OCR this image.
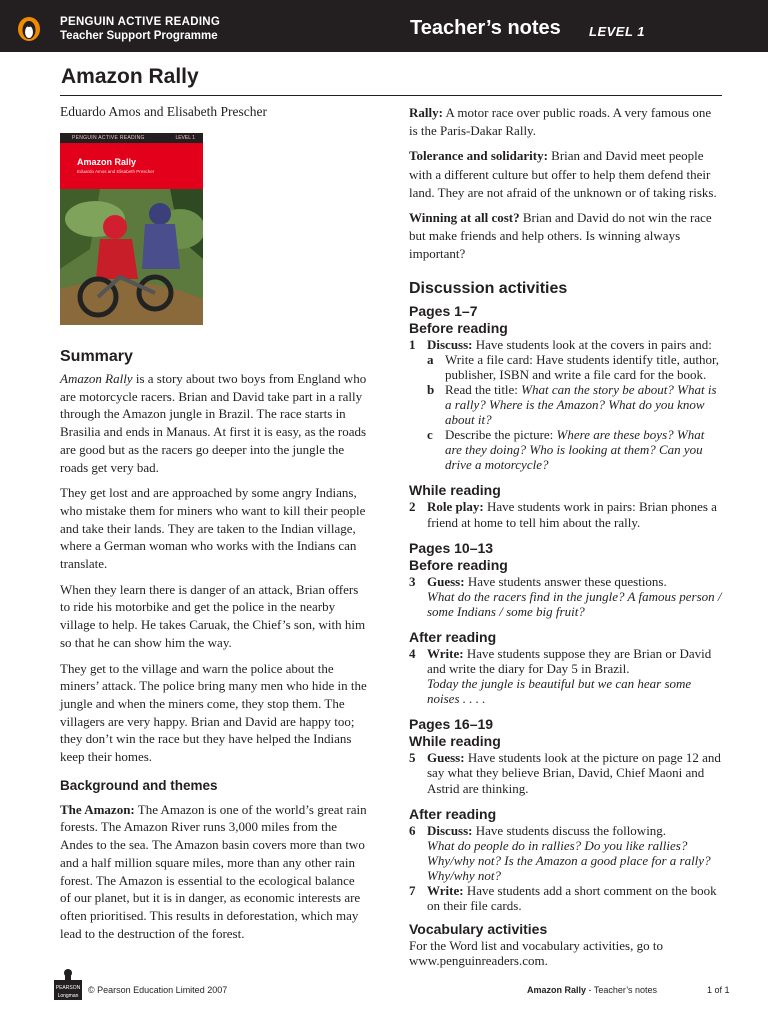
PENGUIN ACTIVE READING
Teacher Support Programme	Teacher’s notes LEVEL 1
Amazon Rally
Eduardo Amos and Elisabeth Prescher
PENGUIN ACTIVE READING	LEVEL 1
Amazon Rally
Eduardo Amos and Elisabeth Prescher
Summary

Amazon Rally is a story about two boys from England who are motorcycle racers. Brian and David take part in a rally through the Amazon jungle in Brazil. The race starts in Brasilia and ends in Manaus. At first it is easy, as the roads are good but as the racers go deeper into the jungle the roads get very bad.

They get lost and are approached by some angry Indians, who mistake them for miners who want to kill their people and take their lands. They are taken to the Indian village, where a German woman who works with the Indians can translate.

When they learn there is danger of an attack, Brian offers to ride his motorbike and get the police in the nearby village to help. He takes Caruak, the Chief’s son, with him so that he can show him the way.

They get to the village and warn the police about the miners’ attack. The police bring many men who hide in the jungle and when the miners come, they stop them. The villagers are very happy. Brian and David are happy too; they don’t win the race but they have helped the Indians keep their homes.

Background and themes

The Amazon: The Amazon is one of the world’s great rain forests. The Amazon River runs 3,000 miles from the Andes to the sea. The Amazon basin covers more than two and a half million square miles, more than any other rain forest. The Amazon is essential to the ecological balance of our planet, but it is in danger, as economic interests are often prioritised. This results in deforestation, which may lead to the destruction of the forest.

Rally: A motor race over public roads. A very famous one is the Paris-Dakar Rally.

Tolerance and solidarity: Brian and David meet people with a different culture but offer to help them defend their land. They are not afraid of the unknown or of taking risks.

Winning at all cost? Brian and David do not win the race but make friends and help others. Is winning always important?

Discussion activities
Pages 1–7
Before reading
1 Discuss: Have students look at the covers in pairs and:
a Write a file card: Have students identify title, author, publisher, ISBN and write a file card for the book.
b Read the title: What can the story be about? What is a rally? Where is the Amazon? What do you know about it?
c Describe the picture: Where are these boys? What are they doing? Who is looking at them? Can you drive a motorcycle?
While reading
2 Role play: Have students work in pairs: Brian phones a friend at home to tell him about the rally.
Pages 10–13
Before reading
3 Guess: Have students answer these questions.
What do the racers find in the jungle? A famous person / some Indians / some big fruit?
After reading
4 Write: Have students suppose they are Brian or David and write the diary for Day 5 in Brazil.
Today the jungle is beautiful but we can hear some noises . . . .
Pages 16–19
While reading
5 Guess: Have students look at the picture on page 12 and say what they believe Brian, David, Chief Maoni and Astrid are thinking.
After reading
6 Discuss: Have students discuss the following.
What do people do in rallies? Do you like rallies? Why/why not? Is the Amazon a good place for a rally? Why/why not?
7 Write: Have students add a short comment on the book on their file cards.
Vocabulary activities
For the Word list and vocabulary activities, go to www.penguinreaders.com.
PEARSON
Longman
© Pearson Education Limited 2007	Amazon Rally - Teacher’s notes	1 of 1
